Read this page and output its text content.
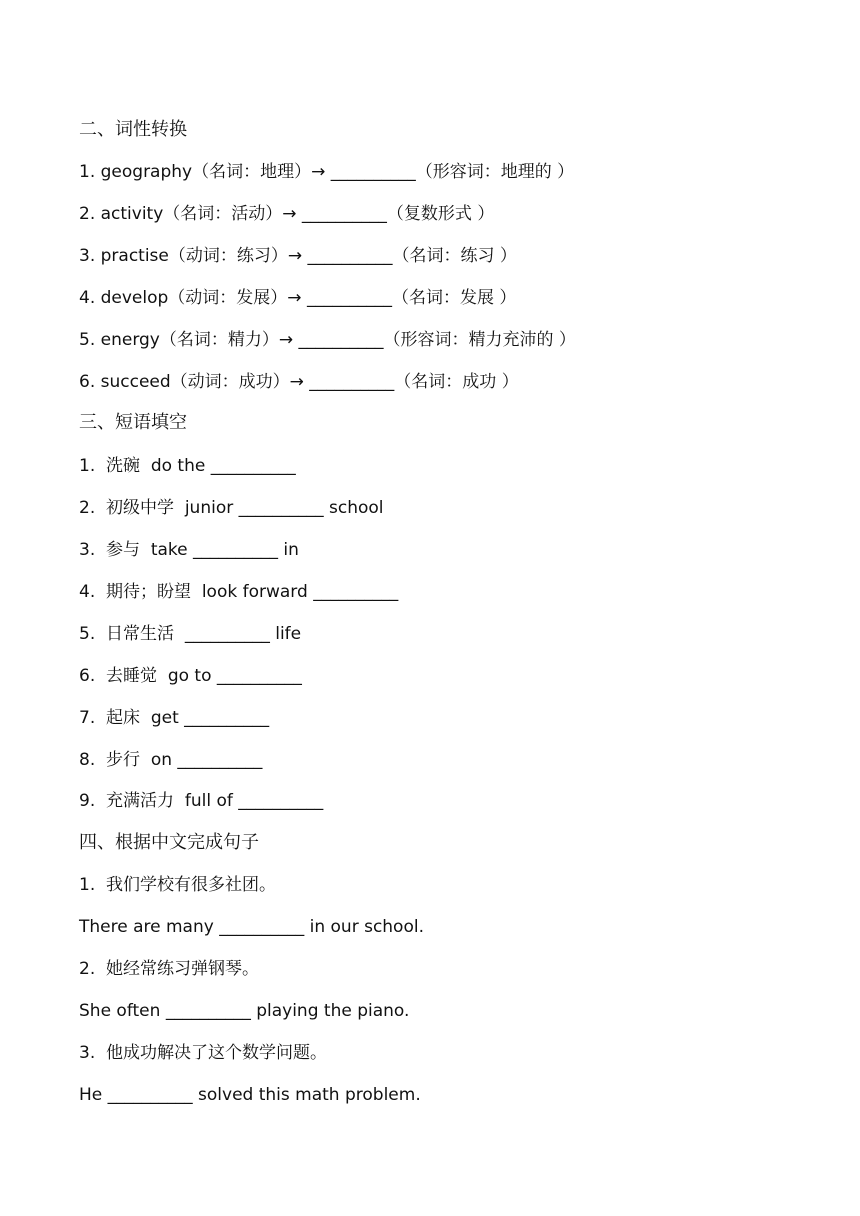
二、词性转换
1. geography（名词：地理）→ __________（形容词：地理的 ）
2. activity（名词：活动）→ __________（复数形式 ）
3. practise（动词：练习）→ __________（名词：练习 ）
4. develop（动词：发展）→ __________（名词：发展 ）
5. energy（名词：精力）→ __________（形容词：精力充沛的 ）
6. succeed（动词：成功）→ __________（名词：成功 ）
三、短语填空
1.  洗碗  do the __________
2.  初级中学  junior __________ school
3.  参与  take __________ in
4.  期待；盼望  look forward __________
5.  日常生活  __________ life
6.  去睡觉  go to __________
7.  起床  get __________
8.  步行  on __________
9.  充满活力  full of __________
四、根据中文完成句子
1.  我们学校有很多社团。
There are many __________ in our school.
2.  她经常练习弹钢琴。
She often __________ playing the piano.
3.  他成功解决了这个数学问题。
He __________ solved this math problem.
